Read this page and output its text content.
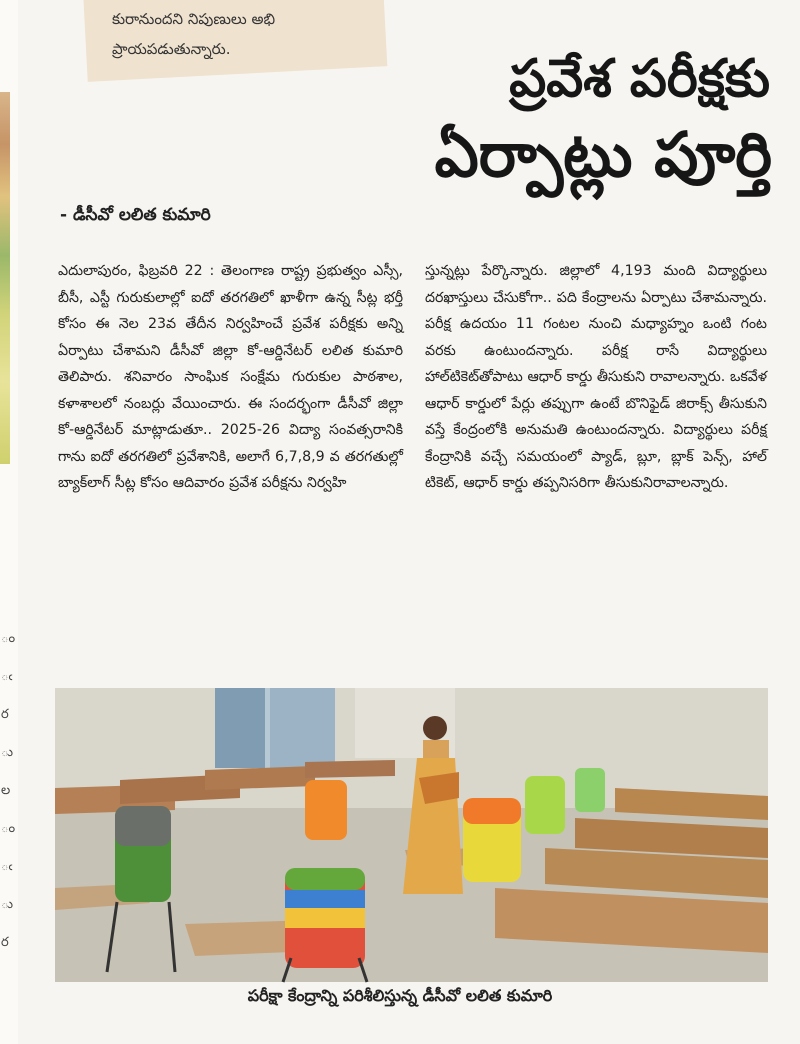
ం
ఁ
ర
ు
ల
ం
ఁ
ు
ర
కురానుందని నిపుణులు అభి
ప్రాయపడుతున్నారు.	ప్రవేశ పరీక్షకు
ఏర్పాట్లు పూర్తి
- డీసీవో లలిత కుమారి

ఎదులాపురం, ఫిబ్రవరి 22 : తెలంగాణ రాష్ట్ర ప్రభుత్వం ఎస్సీ, బీసీ, ఎస్టీ గురుకులాల్లో ఐదో తరగతిలో ఖాళీగా ఉన్న సీట్ల భర్తీ కోసం ఈ నెల 23వ తేదీన నిర్వహించే ప్రవేశ పరీక్షకు అన్ని ఏర్పాటు చేశామని డీసీవో జిల్లా కో-ఆర్డినేటర్ లలిత కుమారి తెలిపారు. శనివారం సాంఘిక సంక్షేమ గురుకుల పాఠశాల, కళాశాలలో నంబర్లు వేయించారు. ఈ సందర్భంగా డీసీవో జిల్లా కో-ఆర్డినేటర్ మాట్లాడుతూ.. 2025-26 విద్యా సంవత్సరానికి గాను ఐదో తరగతిలో ప్రవేశానికి, అలాగే 6,7,8,9 వ తరగతుల్లో బ్యాక్‌లాగ్ సీట్ల కోసం ఆదివారం ప్రవేశ పరీక్షను నిర్వహి

స్తున్నట్లు పేర్కొన్నారు. జిల్లాలో 4,193 మంది విద్యార్థులు దరఖాస్తులు చేసుకోగా.. పది కేంద్రాలను ఏర్పాటు చేశామన్నారు. పరీక్ష ఉదయం 11 గంటల నుంచి మధ్యాహ్నం ఒంటి గంట వరకు ఉంటుందన్నారు. పరీక్ష రాసే విద్యార్థులు హాల్‌టికెట్‌తోపాటు ఆధార్ కార్డు తీసుకుని రావాలన్నారు. ఒకవేళ ఆధార్ కార్డులో పేర్లు తప్పుగా ఉంటే బొనిఫైడ్ జిరాక్స్ తీసుకుని వస్తే కేంద్రంలోకి అనుమతి ఉంటుందన్నారు. విద్యార్థులు పరీక్ష కేంద్రానికి వచ్చే సమయంలో ప్యాడ్, బ్లూ, బ్లాక్ పెన్స్, హాల్ టికెట్, ఆధార్ కార్డు తప్పనిసరిగా తీసుకునిరావాలన్నారు.

పరీక్షా కేంద్రాన్ని పరిశీలిస్తున్న డీసీవో లలిత కుమారి
